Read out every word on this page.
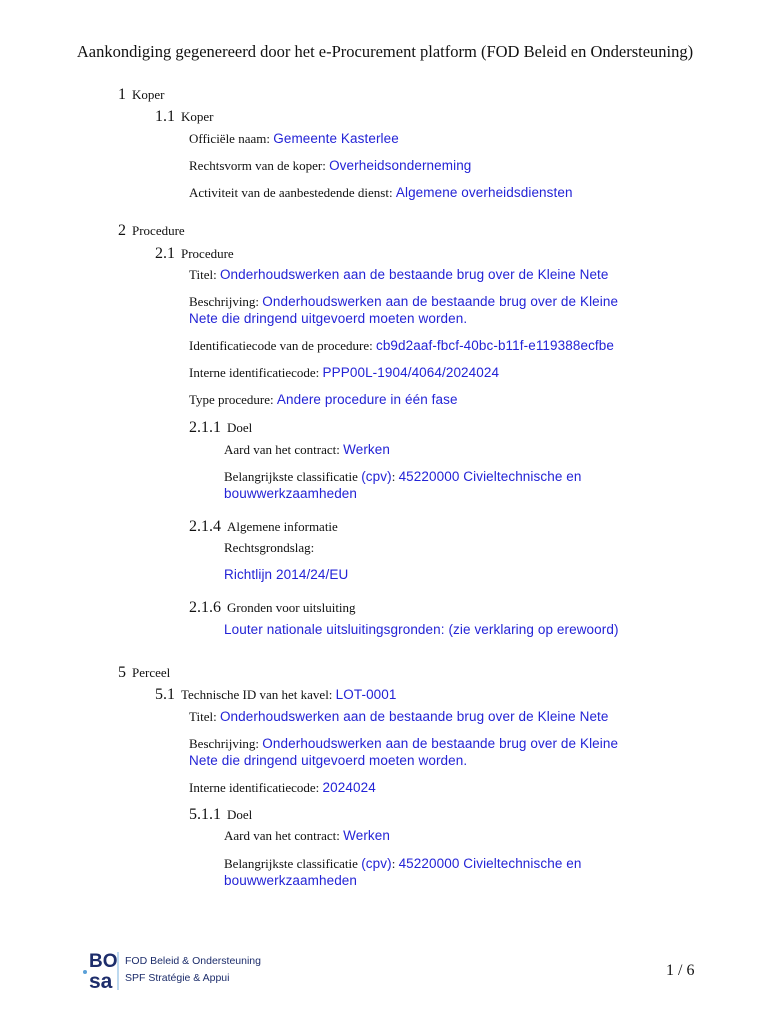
Aankondiging gegenereerd door het e-Procurement platform (FOD Beleid en Ondersteuning)
1 Koper
1.1 Koper
Officiële naam: Gemeente Kasterlee
Rechtsvorm van de koper: Overheidsonderneming
Activiteit van de aanbestedende dienst: Algemene overheidsdiensten
2 Procedure
2.1 Procedure
Titel: Onderhoudswerken aan de bestaande brug over de Kleine Nete
Beschrijving: Onderhoudswerken aan de bestaande brug over de Kleine Nete die dringend uitgevoerd moeten worden.
Identificatiecode van de procedure: cb9d2aaf-fbcf-40bc-b11f-e119388ecfbe
Interne identificatiecode: PPP00L-1904/4064/2024024
Type procedure: Andere procedure in één fase
2.1.1 Doel
Aard van het contract: Werken
Belangrijkste classificatie (cpv): 45220000 Civieltechnische en bouwwerkzaamheden
2.1.4 Algemene informatie
Rechtsgrondslag:
Richtlijn 2014/24/EU
2.1.6 Gronden voor uitsluiting
Louter nationale uitsluitingsgronden: (zie verklaring op erewoord)
5 Perceel
5.1 Technische ID van het kavel: LOT-0001
Titel: Onderhoudswerken aan de bestaande brug over de Kleine Nete
Beschrijving: Onderhoudswerken aan de bestaande brug over de Kleine Nete die dringend uitgevoerd moeten worden.
Interne identificatiecode: 2024024
5.1.1 Doel
Aard van het contract: Werken
Belangrijkste classificatie (cpv): 45220000 Civieltechnische en bouwwerkzaamheden
BO
sa
FOD Beleid & Ondersteuning
SPF Stratégie & Appui	1 / 6
